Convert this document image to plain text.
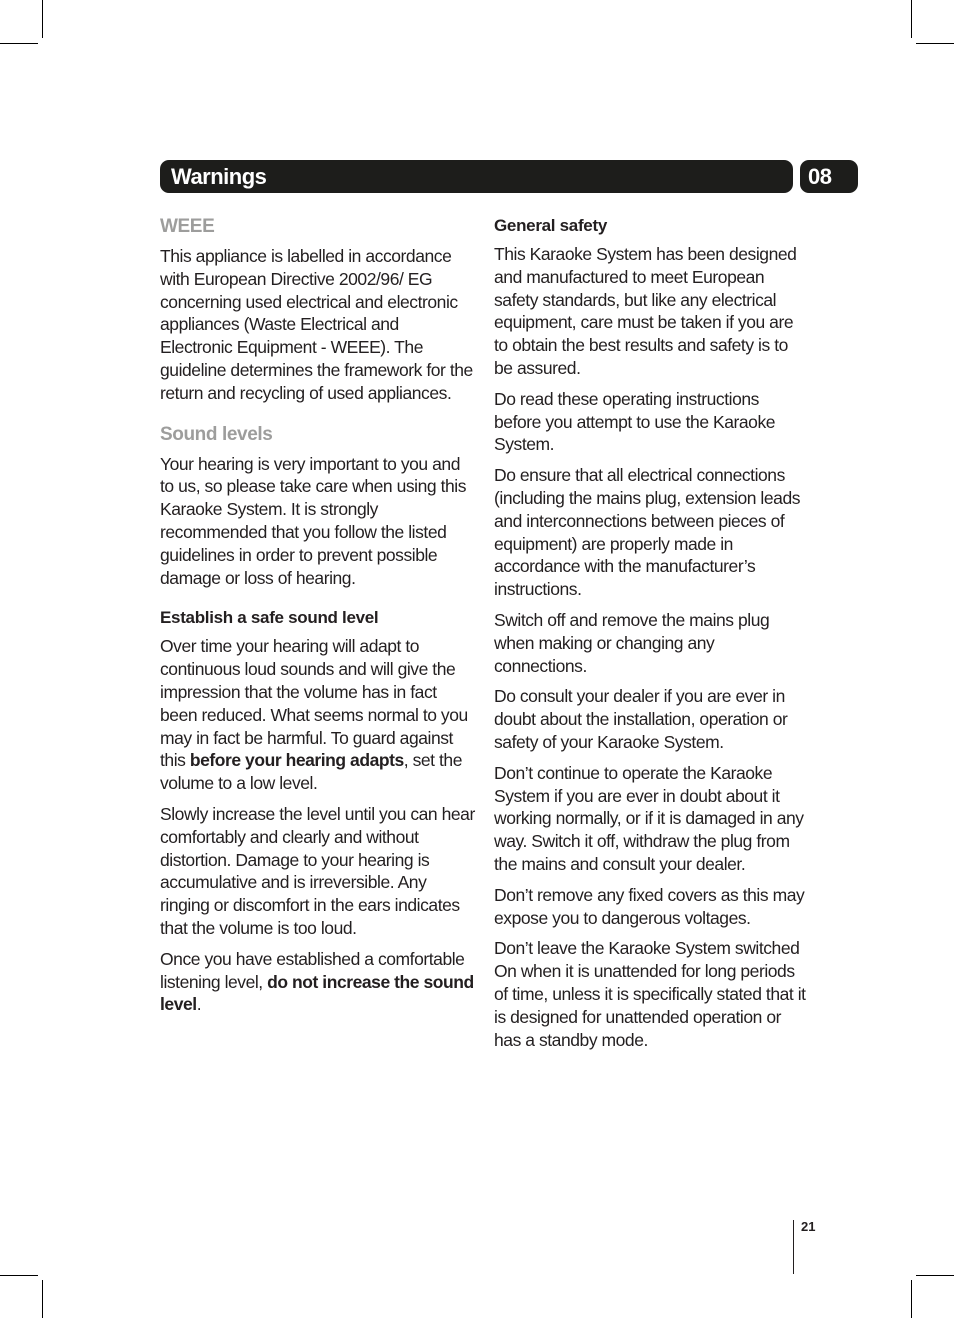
Warnings	08
WEEE

This appliance is labelled in accordance with European Directive 2002/96/ EG concerning used electrical and electronic appliances (Waste Electrical and Electronic Equipment - WEEE). The guideline determines the framework for the return and recycling of used appliances.

Sound levels

Your hearing is very important to you and to us, so please take care when using this Karaoke System. It is strongly recommended that you follow the listed guidelines in order to prevent possible damage or loss of hearing.

Establish a safe sound level

Over time your hearing will adapt to continuous loud sounds and will give the impression that the volume has in fact been reduced. What seems normal to you may in fact be harmful. To guard against this before your hearing adapts, set the volume to a low level.

Slowly increase the level until you can hear comfortably and clearly and without distortion. Damage to your hearing is accumulative and is irreversible. Any ringing or discomfort in the ears indicates that the volume is too loud.

Once you have established a comfortable listening level, do not increase the sound level.

General safety

This Karaoke System has been designed and manufactured to meet European safety standards, but like any electrical equipment, care must be taken if you are to obtain the best results and safety is to be assured.

Do read these operating instructions before you attempt to use the Karaoke System.

Do ensure that all electrical connections (including the mains plug, extension leads and interconnections between pieces of equipment) are properly made in accordance with the manufacturer’s instructions.

Switch off and remove the mains plug when making or changing any connections.

Do consult your dealer if you are ever in doubt about the installation, operation or safety of your Karaoke System.

Don’t continue to operate the Karaoke System if you are ever in doubt about it working normally, or if it is damaged in any way. Switch it off, withdraw the plug from the mains and consult your dealer.

Don’t remove any fixed covers as this may expose you to dangerous voltages.

Don’t leave the Karaoke System switched On when it is unattended for long periods of time, unless it is specifically stated that it is designed for unattended operation or has a standby mode.

21
